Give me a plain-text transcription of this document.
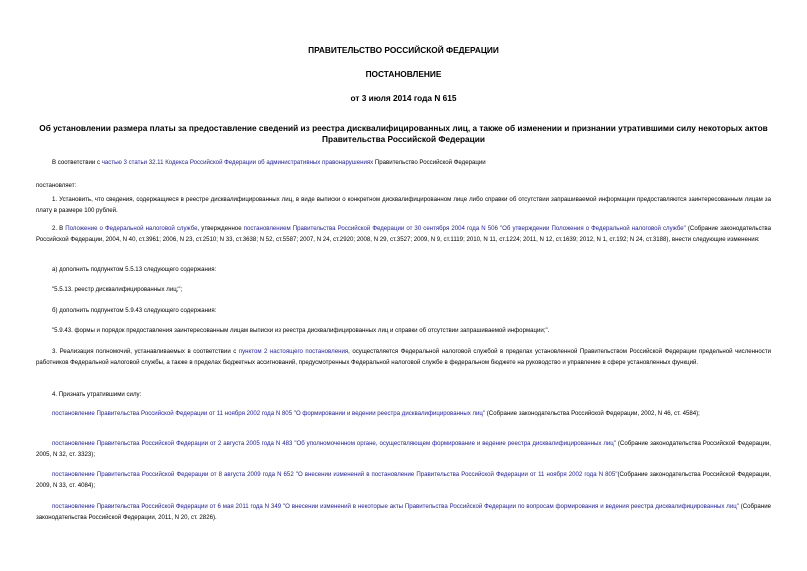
ПРАВИТЕЛЬСТВО РОССИЙСКОЙ ФЕДЕРАЦИИ
ПОСТАНОВЛЕНИЕ
от 3 июля 2014 года N 615
Об установлении размера платы за предоставление сведений из реестра дисквалифицированных лиц, а также об изменении и признании утратившими силу некоторых актов Правительства Российской Федерации

В соответствии с частью 3 статьи 32.11 Кодекса Российской Федерации об административных правонарушениях Правительство Российской Федерации

постановляет:

1. Установить, что сведения, содержащиеся в реестре дисквалифицированных лиц, в виде выписки о конкретном дисквалифицированном лице либо справки об отсутствии запрашиваемой информации предоставляются заинтересованным лицам за плату в размере 100 рублей.

2. В Положение о Федеральной налоговой службе, утвержденное постановлением Правительства Российской Федерации от 30 сентября 2004 года N 506 "Об утверждении Положения о Федеральной налоговой службе" (Собрание законодательства Российской Федерации, 2004, N 40, ст.3961; 2006, N 23, ст.2510; N 33, ст.3638; N 52, ст.5587; 2007, N 24, ст.2920; 2008, N 29, ст.3527; 2009, N 9, ст.1119; 2010, N 11, ст.1224; 2011, N 12, ст.1639; 2012, N 1, ст.192; N 24, ст.3188), внести следующие изменения:

а) дополнить подпунктом 5.5.13 следующего содержания:

"5.5.13. реестр дисквалифицированных лиц;";

б) дополнить подпунктом 5.9.43 следующего содержания:

"5.9.43. формы и порядок предоставления заинтересованным лицам выписки из реестра дисквалифицированных лиц и справки об отсутствии запрашиваемой информации;".

3. Реализация полномочий, устанавливаемых в соответствии с пунктом 2 настоящего постановления, осуществляется Федеральной налоговой службой в пределах установленной Правительством Российской Федерации предельной численности работников Федеральной налоговой службы, а также в пределах бюджетных ассигнований, предусмотренных Федеральной налоговой службе в федеральном бюджете на руководство и управление в сфере установленных функций.

4. Признать утратившими силу:

постановление Правительства Российской Федерации от 11 ноября 2002 года N 805 "О формировании и ведении реестра дисквалифицированных лиц" (Собрание законодательства Российской Федерации, 2002, N 46, ст. 4584);

постановление Правительства Российской Федерации от 2 августа 2005 года N 483 "Об уполномоченном органе, осуществляющем формирование и ведение реестра дисквалифицированных лиц" (Собрание законодательства Российской Федерации, 2005, N 32, ст. 3323);

постановление Правительства Российской Федерации от 8 августа 2009 года N 652 "О внесении изменений в постановление Правительства Российской Федерации от 11 ноября 2002 года N 805"(Собрание законодательства Российской Федерации, 2009, N 33, ст. 4084);

постановление Правительства Российской Федерации от 6 мая 2011 года N 349 "О внесении изменений в некоторые акты Правительства Российской Федерации по вопросам формирования и ведения реестра дисквалифицированных лиц" (Собрание законодательства Российской Федерации, 2011, N 20, ст. 2826).
